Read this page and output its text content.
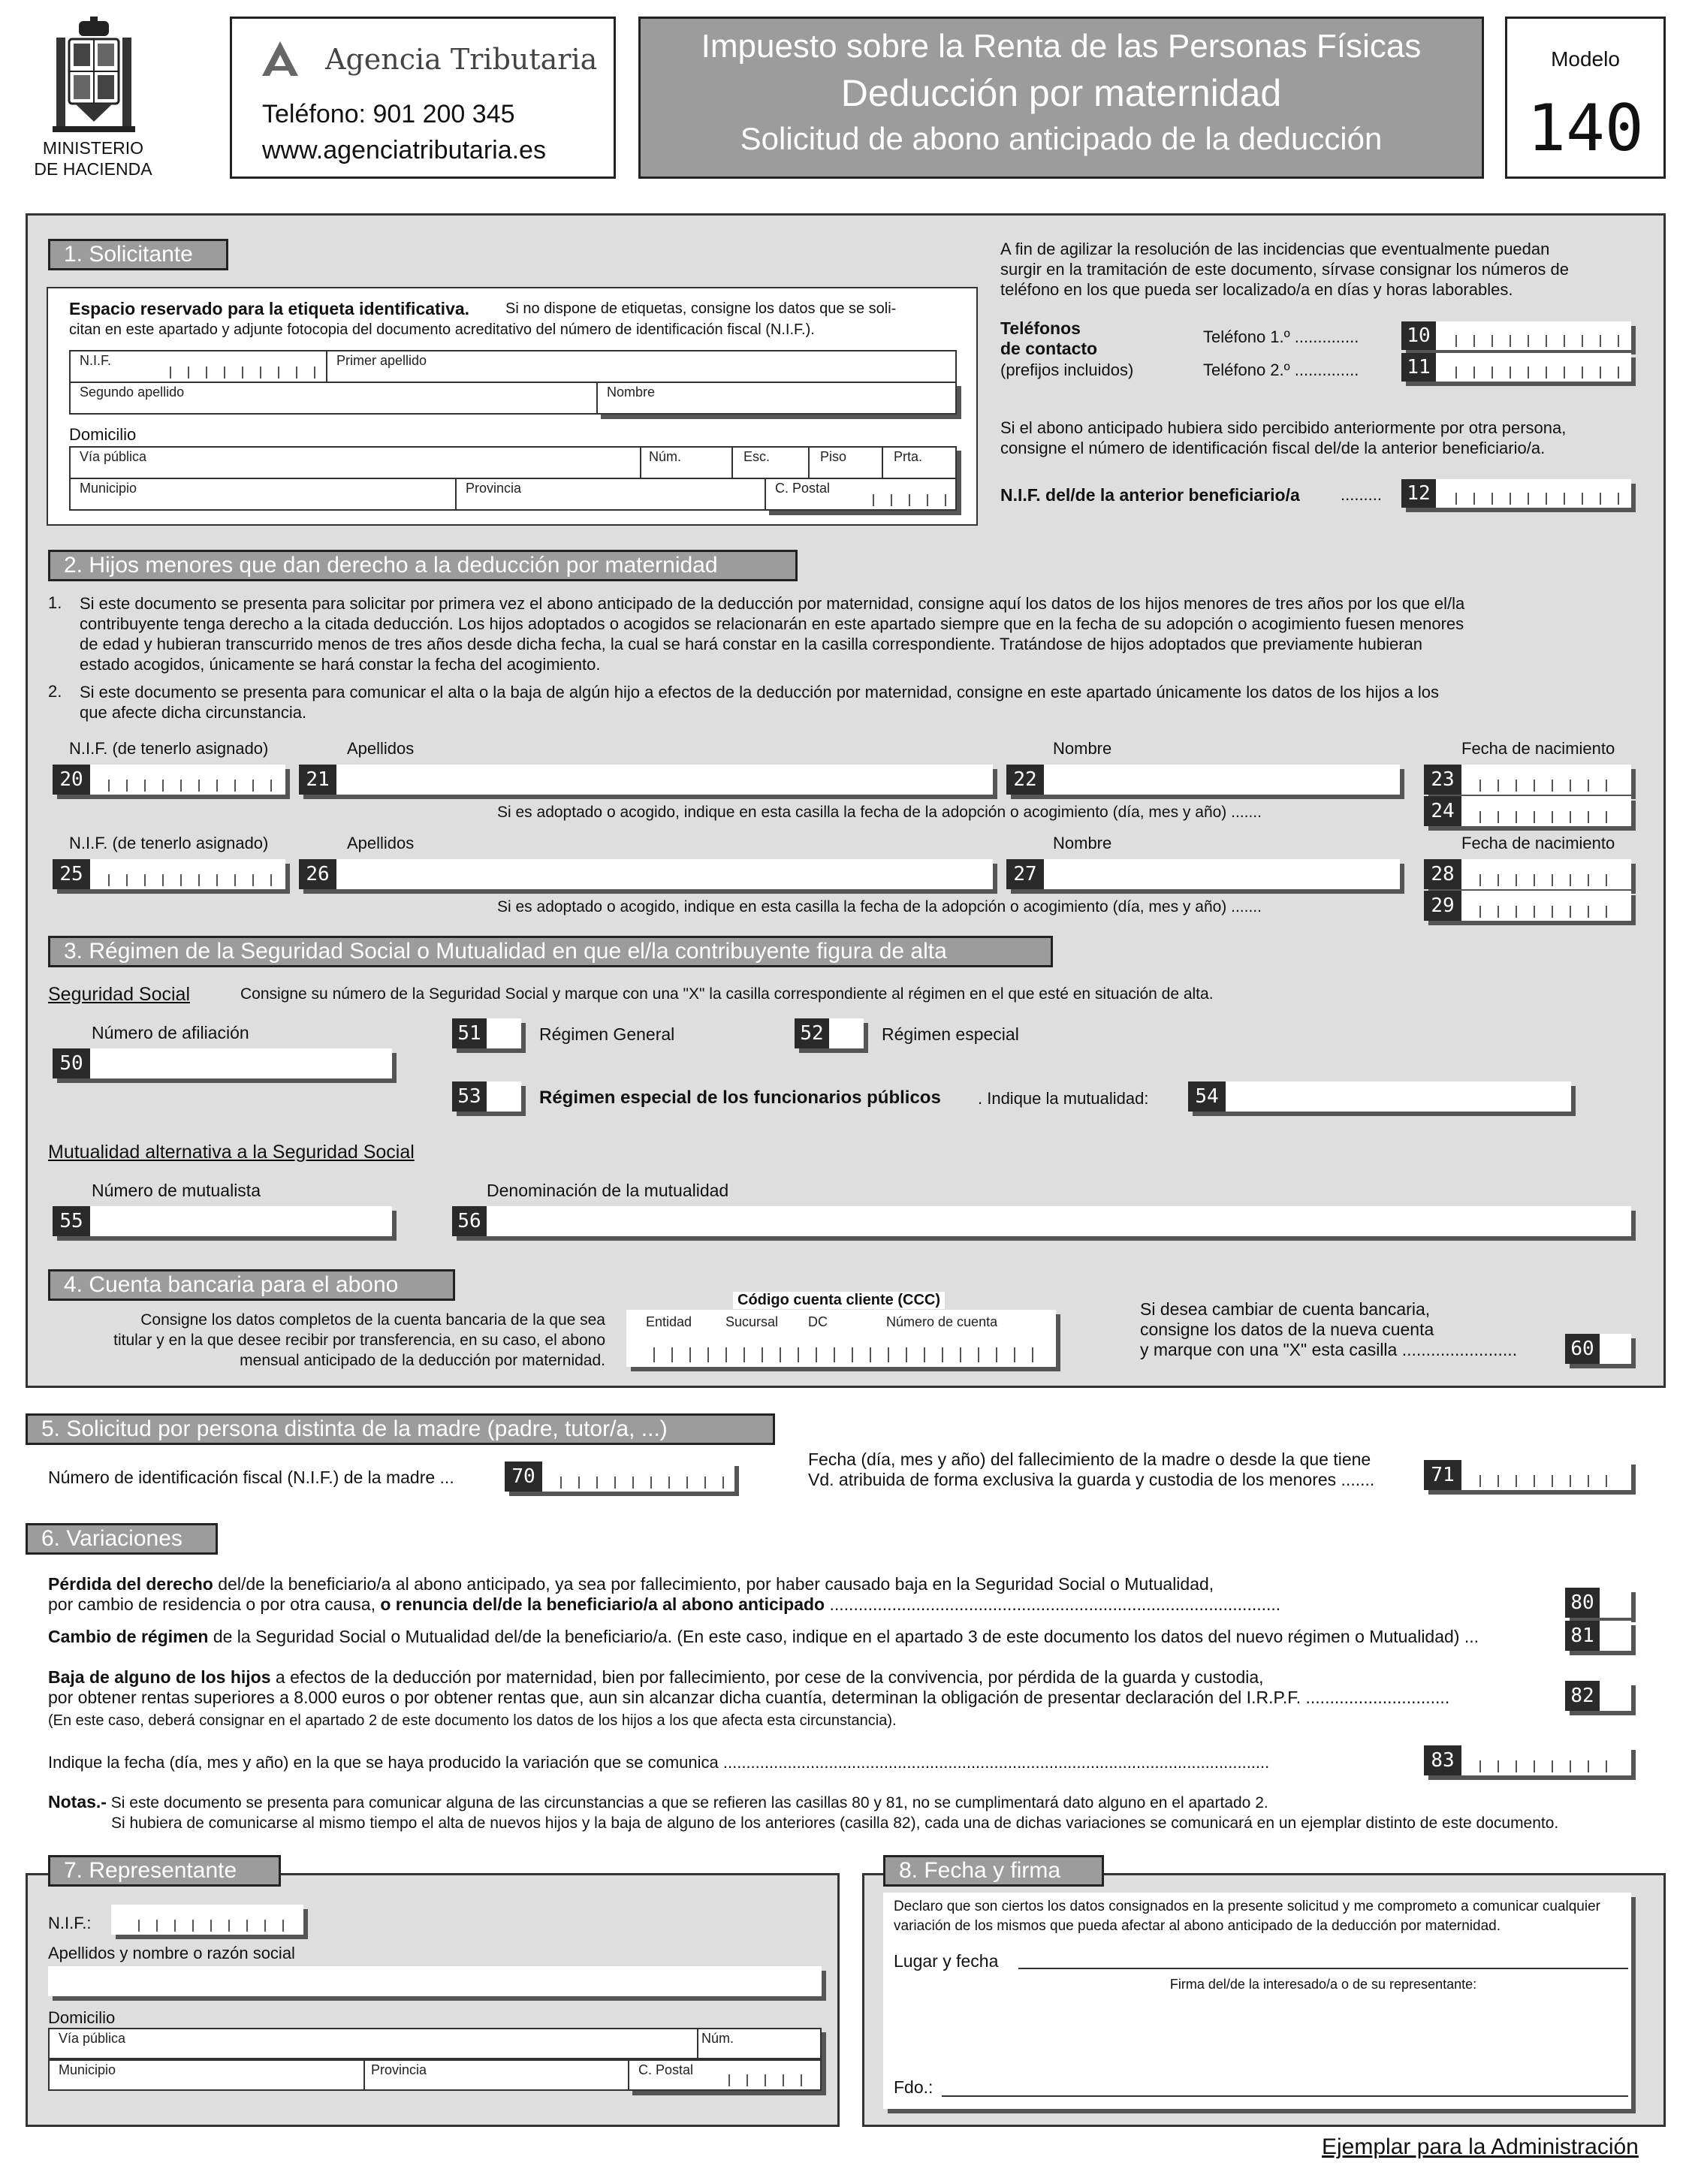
MINISTERIO
DE HACIENDA
Agencia Tributaria
Teléfono: 901 200 345
www.agenciatributaria.es
Impuesto sobre la Renta de las Personas Físicas
Deducción por maternidad
Solicitud de abono anticipado de la deducción
Modelo
140
1. Solicitante
Espacio reservado para la etiqueta identificativa. Si no dispone de etiquetas, consigne los datos que se soli-
citan en este apartado y adjunte fotocopia del documento acreditativo del número de identificación fiscal (N.I.F.).
N.I.F.	Primer apellido
Segundo apellido	Nombre
Domicilio
Vía pública	Núm.	Esc.	Piso	Prta.
Municipio	Provincia	C. Postal
A fin de agilizar la resolución de las incidencias que eventualmente puedan
surgir en la tramitación de este documento, sírvase consignar los números de
teléfono en los que pueda ser localizado/a en días y horas laborables.
Teléfonos
de contacto
(prefijos incluidos)
Teléfono 1.º ..............
Teléfono 2.º ..............
10
11
Si el abono anticipado hubiera sido percibido anteriormente por otra persona,
consigne el número de identificación fiscal del/de la anterior beneficiario/a.
N.I.F. del/de la anterior beneficiario/a ......... 12
2. Hijos menores que dan derecho a la deducción por maternidad
1. Si este documento se presenta para solicitar por primera vez el abono anticipado de la deducción por maternidad, consigne aquí los datos de los hijos menores de tres años por los que el/la
contribuyente tenga derecho a la citada deducción. Los hijos adoptados o acogidos se relacionarán en este apartado siempre que en la fecha de su adopción o acogimiento fuesen menores
de edad y hubieran transcurrido menos de tres años desde dicha fecha, la cual se hará constar en la casilla correspondiente. Tratándose de hijos adoptados que previamente hubieran
estado acogidos, únicamente se hará constar la fecha del acogimiento.
2. Si este documento se presenta para comunicar el alta o la baja de algún hijo a efectos de la deducción por maternidad, consigne en este apartado únicamente los datos de los hijos a los
que afecte dicha circunstancia.
N.I.F. (de tenerlo asignado)	Apellidos	Nombre	Fecha de nacimiento
20	21	22	23
Si es adoptado o acogido, indique en esta casilla la fecha de la adopción o acogimiento (día, mes y año) .......	24
N.I.F. (de tenerlo asignado)	Apellidos	Nombre	Fecha de nacimiento
25	26	27	28
Si es adoptado o acogido, indique en esta casilla la fecha de la adopción o acogimiento (día, mes y año) .......	29
3. Régimen de la Seguridad Social o Mutualidad en que el/la contribuyente figura de alta
Seguridad Social	Consigne su número de la Seguridad Social y marque con una "X" la casilla correspondiente al régimen en el que esté en situación de alta.
Número de afiliación
50
51	Régimen General	52	Régimen especial
53	Régimen especial de los funcionarios públicos . Indique la mutualidad:	54
Mutualidad alternativa a la Seguridad Social
Número de mutualista
55
Denominación de la mutualidad
56
4. Cuenta bancaria para el abono
Consigne los datos completos de la cuenta bancaria de la que sea
titular y en la que desee recibir por transferencia, en su caso, el abono
mensual anticipado de la deducción por maternidad.
Código cuenta cliente (CCC)
Entidad Sucursal DC	Número de cuenta
Si desea cambiar de cuenta bancaria,
consigne los datos de la nueva cuenta
y marque con una "X" esta casilla ........................	60
5. Solicitud por persona distinta de la madre (padre, tutor/a, ...)
Número de identificación fiscal (N.I.F.) de la madre ...	70
Fecha (día, mes y año) del fallecimiento de la madre o desde la que tiene
Vd. atribuida de forma exclusiva la guarda y custodia de los menores .......	71
6. Variaciones
Pérdida del derecho del/de la beneficiario/a al abono anticipado, ya sea por fallecimiento, por haber causado baja en la Seguridad Social o Mutualidad,
por cambio de residencia o por otra causa, o renuncia del/de la beneficiario/a al abono anticipado ..............................................................................................	80
Cambio de régimen de la Seguridad Social o Mutualidad del/de la beneficiario/a. (En este caso, indique en el apartado 3 de este documento los datos del nuevo régimen o Mutualidad) ...	81
Baja de alguno de los hijos a efectos de la deducción por maternidad, bien por fallecimiento, por cese de la convivencia, por pérdida de la guarda y custodia,
por obtener rentas superiores a 8.000 euros o por obtener rentas que, aun sin alcanzar dicha cuantía, determinan la obligación de presentar declaración del I.R.P.F. ..............................
(En este caso, deberá consignar en el apartado 2 de este documento los datos de los hijos a los que afecta esta circunstancia).
82
Indique la fecha (día, mes y año) en la que se haya producido la variación que se comunica .......................................................................................................................	83
Notas.- Si este documento se presenta para comunicar alguna de las circunstancias a que se refieren las casillas 80 y 81, no se cumplimentará dato alguno en el apartado 2.
Si hubiera de comunicarse al mismo tiempo el alta de nuevos hijos y la baja de alguno de los anteriores (casilla 82), cada una de dichas variaciones se comunicará en un ejemplar distinto de este documento.
7. Representante
N.I.F.:
Apellidos y nombre o razón social
Domicilio
Vía pública	Núm.
Municipio	Provincia	C. Postal
8. Fecha y firma
Declaro que son ciertos los datos consignados en la presente solicitud y me comprometo a comunicar cualquier
variación de los mismos que pueda afectar al abono anticipado de la deducción por maternidad.
Lugar y fecha
Firma del/de la interesado/a o de su representante:
Fdo.:
Ejemplar para la Administración
